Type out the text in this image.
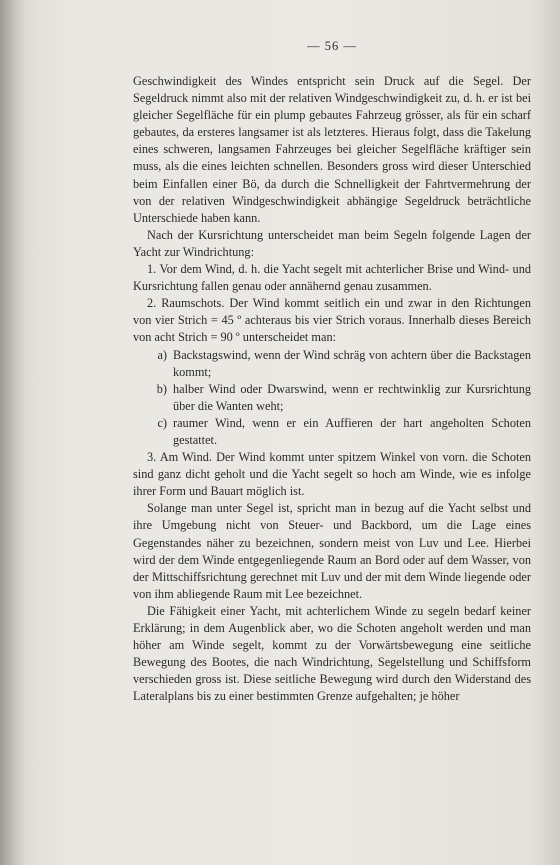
— 56 —

Geschwindigkeit des Windes entspricht sein Druck auf die Segel. Der Segeldruck nimmt also mit der relativen Windgeschwindigkeit zu, d. h. er ist bei gleicher Segelfläche für ein plump gebautes Fahrzeug grösser, als für ein scharf gebautes, da ersteres langsamer ist als letzteres. Hieraus folgt, dass die Takelung eines schweren, langsamen Fahrzeuges bei gleicher Segelfläche kräftiger sein muss, als die eines leichten schnellen. Besonders gross wird dieser Unterschied beim Einfallen einer Bö, da durch die Schnelligkeit der Fahrtvermehrung der von der relativen Windgeschwindigkeit abhängige Segeldruck beträchtliche Unterschiede haben kann.

Nach der Kursrichtung unterscheidet man beim Segeln folgende Lagen der Yacht zur Windrichtung:

1. Vor dem Wind, d. h. die Yacht segelt mit achterlicher Brise und Wind- und Kursrichtung fallen genau oder annähernd genau zusammen.

2. Raumschots. Der Wind kommt seitlich ein und zwar in den Richtungen von vier Strich = 45 º achteraus bis vier Strich voraus. Innerhalb dieses Bereich von acht Strich = 90 º unterscheidet man:

a) Backstagswind, wenn der Wind schräg von achtern über die Backstagen kommt;
b) halber Wind oder Dwarswind, wenn er rechtwinklig zur Kursrichtung über die Wanten weht;
c) raumer Wind, wenn er ein Auffieren der hart angeholten Schoten gestattet.

3. Am Wind. Der Wind kommt unter spitzem Winkel von vorn. die Schoten sind ganz dicht geholt und die Yacht segelt so hoch am Winde, wie es infolge ihrer Form und Bauart möglich ist.

Solange man unter Segel ist, spricht man in bezug auf die Yacht selbst und ihre Umgebung nicht von Steuer- und Backbord, um die Lage eines Gegenstandes näher zu bezeichnen, sondern meist von Luv und Lee. Hierbei wird der dem Winde entgegenliegende Raum an Bord oder auf dem Wasser, von der Mittschiffsrichtung gerechnet mit Luv und der mit dem Winde liegende oder von ihm abliegende Raum mit Lee bezeichnet.

Die Fähigkeit einer Yacht, mit achterlichem Winde zu segeln bedarf keiner Erklärung; in dem Augenblick aber, wo die Schoten angeholt werden und man höher am Winde segelt, kommt zu der Vorwärtsbewegung eine seitliche Bewegung des Bootes, die nach Windrichtung, Segelstellung und Schiffsform verschieden gross ist. Diese seitliche Bewegung wird durch den Widerstand des Lateralplans bis zu einer bestimmten Grenze aufgehalten; je höher
